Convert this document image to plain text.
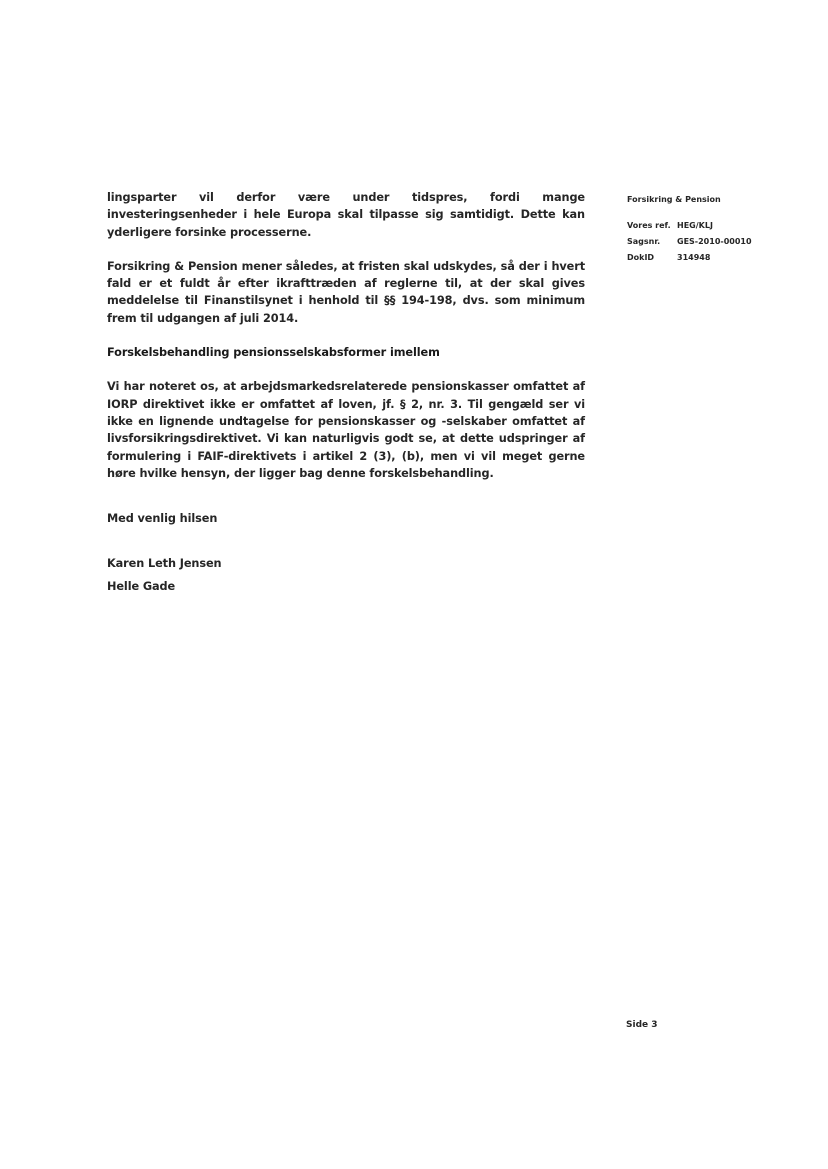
lingsparter vil derfor være under tidspres, fordi mange investeringsenheder i hele Europa skal tilpasse sig samtidigt. Dette kan yderligere forsinke processerne.

Forsikring & Pension mener således, at fristen skal udskydes, så der i hvert fald er et fuldt år efter ikrafttræden af reglerne til, at der skal gives meddelelse til Finanstilsynet i henhold til §§ 194-198, dvs. som minimum frem til udgangen af juli 2014.

Forskelsbehandling pensionsselskabsformer imellem

Vi har noteret os, at arbejdsmarkedsrelaterede pensionskasser omfattet af IORP direktivet ikke er omfattet af loven, jf. § 2, nr. 3. Til gengæld ser vi ikke en lignende undtagelse for pensionskasser og -selskaber omfattet af livsforsikringsdirektivet. Vi kan naturligvis godt se, at dette udspringer af formulering i FAIF-direktivets i artikel 2 (3), (b), men vi vil meget gerne høre hvilke hensyn, der ligger bag denne forskelsbehandling.

Med venlig hilsen

Karen Leth Jensen

Helle Gade

Forsikring & Pension
Vores ref. HEG/KLJ
Sagsnr.	GES-2010-00010
DokID	314948
Side 3
